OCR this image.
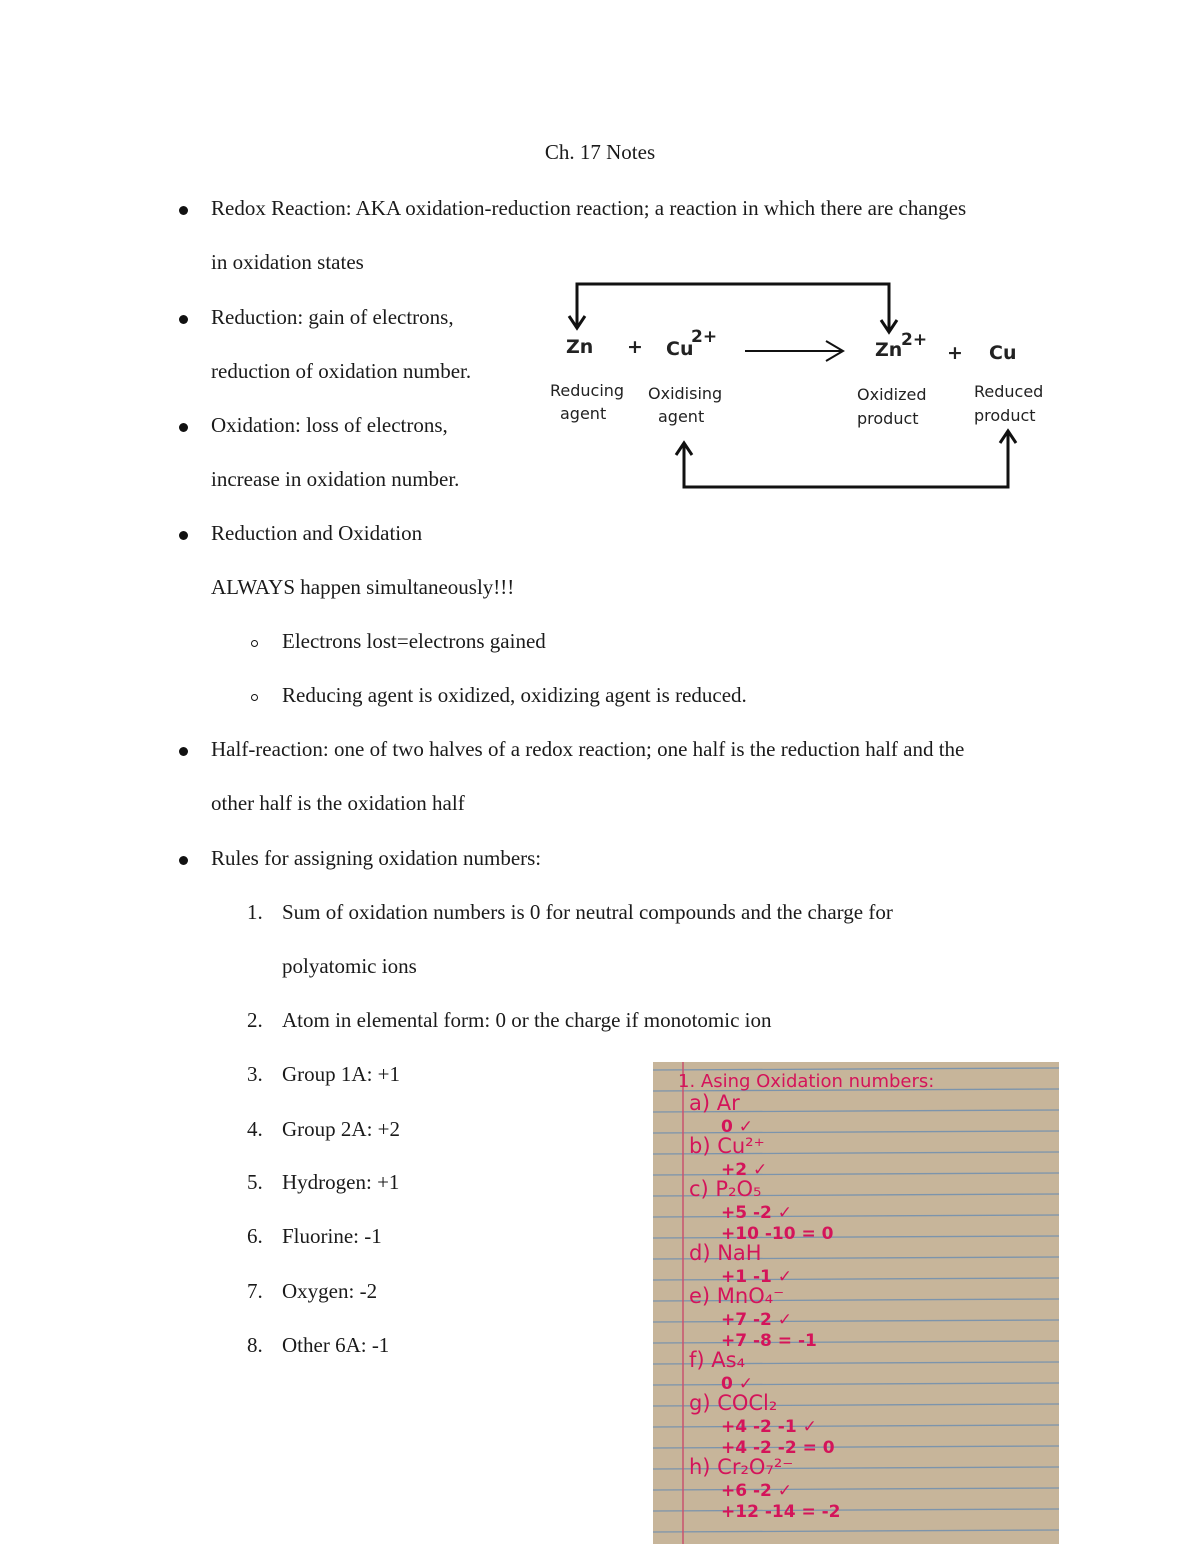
Ch. 17 Notes
Redox Reaction: AKA oxidation-reduction reaction; a reaction in which there are changes
in oxidation states
Reduction: gain of electrons,
reduction of oxidation number.
Oxidation: loss of electrons,
increase in oxidation number.
Reduction and Oxidation
ALWAYS happen simultaneously!!!
Electrons lost=electrons gained
Reducing agent is oxidized, oxidizing agent is reduced.
Half-reaction: one of two halves of a redox reaction; one half is the reduction half and the
other half is the oxidation half
Rules for assigning oxidation numbers:
1. Sum of oxidation numbers is 0 for neutral compounds and the charge for
polyatomic ions
2. Atom in elemental form: 0 or the charge if monotomic ion
3. Group 1A: +1
4. Group 2A: +2
5. Hydrogen: +1
6. Fluorine: -1
7. Oxygen: -2
8. Other 6A: -1
Zn + Cu
2+
Zn
2+
+ Cu
Reducing
agent
Oxidising
agent
Oxidized
product
Reduced
product
1. Asing Oxidation numbers:
a) Ar
0 ✓
b) Cu²⁺
+2 ✓
c) P₂O₅
+5 -2 ✓
+10 -10 = 0
d) NaH
+1 -1 ✓
e) MnO₄⁻
+7 -2 ✓
+7 -8 = -1
f) As₄
0 ✓
g) COCl₂
+4 -2 -1 ✓
+4 -2 -2 = 0
h) Cr₂O₇²⁻
+6 -2 ✓
+12 -14 = -2
